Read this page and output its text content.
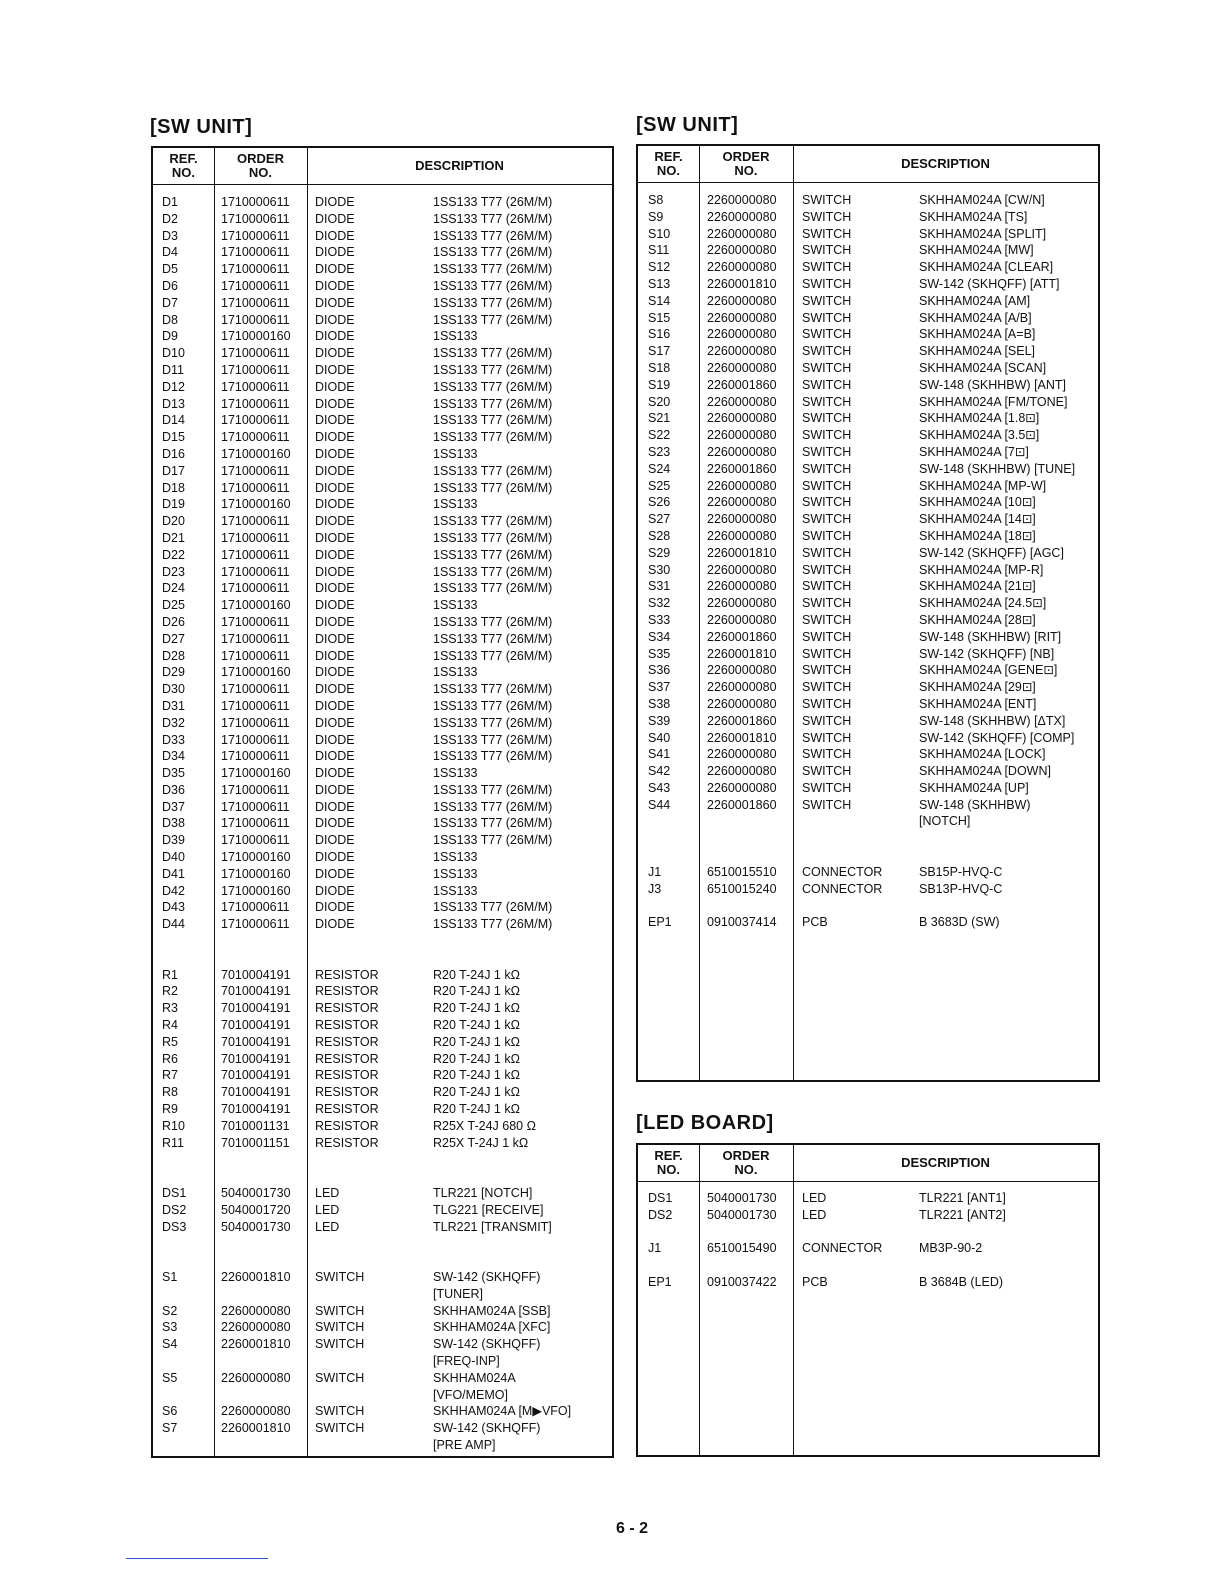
[SW UNIT]
REF.
NO.
ORDER
NO.	DESCRIPTION
D1	1710000611 DIODE	1SS133 T77 (26M/M)
D2	1710000611 DIODE	1SS133 T77 (26M/M)
D3	1710000611 DIODE	1SS133 T77 (26M/M)
D4	1710000611 DIODE	1SS133 T77 (26M/M)
D5	1710000611 DIODE	1SS133 T77 (26M/M)
D6	1710000611 DIODE	1SS133 T77 (26M/M)
D7	1710000611 DIODE	1SS133 T77 (26M/M)
D8	1710000611 DIODE	1SS133 T77 (26M/M)
D9	1710000160 DIODE	1SS133
D10	1710000611 DIODE	1SS133 T77 (26M/M)
D11	1710000611 DIODE	1SS133 T77 (26M/M)
D12	1710000611 DIODE	1SS133 T77 (26M/M)
D13	1710000611 DIODE	1SS133 T77 (26M/M)
D14	1710000611 DIODE	1SS133 T77 (26M/M)
D15	1710000611 DIODE	1SS133 T77 (26M/M)
D16	1710000160 DIODE	1SS133
D17	1710000611 DIODE	1SS133 T77 (26M/M)
D18	1710000611 DIODE	1SS133 T77 (26M/M)
D19	1710000160 DIODE	1SS133
D20	1710000611 DIODE	1SS133 T77 (26M/M)
D21	1710000611 DIODE	1SS133 T77 (26M/M)
D22	1710000611 DIODE	1SS133 T77 (26M/M)
D23	1710000611 DIODE	1SS133 T77 (26M/M)
D24	1710000611 DIODE	1SS133 T77 (26M/M)
D25	1710000160 DIODE	1SS133
D26	1710000611 DIODE	1SS133 T77 (26M/M)
D27	1710000611 DIODE	1SS133 T77 (26M/M)
D28	1710000611 DIODE	1SS133 T77 (26M/M)
D29	1710000160 DIODE	1SS133
D30	1710000611 DIODE	1SS133 T77 (26M/M)
D31	1710000611 DIODE	1SS133 T77 (26M/M)
D32	1710000611 DIODE	1SS133 T77 (26M/M)
D33	1710000611 DIODE	1SS133 T77 (26M/M)
D34	1710000611 DIODE	1SS133 T77 (26M/M)
D35	1710000160 DIODE	1SS133
D36	1710000611 DIODE	1SS133 T77 (26M/M)
D37	1710000611 DIODE	1SS133 T77 (26M/M)
D38	1710000611 DIODE	1SS133 T77 (26M/M)
D39	1710000611 DIODE	1SS133 T77 (26M/M)
D40	1710000160 DIODE	1SS133
D41	1710000160 DIODE	1SS133
D42	1710000160 DIODE	1SS133
D43	1710000611 DIODE	1SS133 T77 (26M/M)
D44	1710000611 DIODE	1SS133 T77 (26M/M)
R1	7010004191 RESISTOR	R20 T-24J 1 kΩ
R2	7010004191 RESISTOR	R20 T-24J 1 kΩ
R3	7010004191 RESISTOR	R20 T-24J 1 kΩ
R4	7010004191 RESISTOR	R20 T-24J 1 kΩ
R5	7010004191 RESISTOR	R20 T-24J 1 kΩ
R6	7010004191 RESISTOR	R20 T-24J 1 kΩ
R7	7010004191 RESISTOR	R20 T-24J 1 kΩ
R8	7010004191 RESISTOR	R20 T-24J 1 kΩ
R9	7010004191 RESISTOR	R20 T-24J 1 kΩ
R10	7010001131 RESISTOR	R25X T-24J 680 Ω
R11	7010001151 RESISTOR	R25X T-24J 1 kΩ
DS1	5040001730 LED	TLR221 [NOTCH]
DS2	5040001720 LED	TLG221 [RECEIVE]
DS3	5040001730 LED	TLR221 [TRANSMIT]
S1	2260001810 SWITCH	SW-142 (SKHQFF)
[TUNER]
S2	2260000080 SWITCH	SKHHAM024A [SSB]
S3	2260000080 SWITCH	SKHHAM024A [XFC]
S4	2260001810 SWITCH	SW-142 (SKHQFF)
[FREQ-INP]
S5	2260000080 SWITCH	SKHHAM024A
[VFO/MEMO]
S6	2260000080 SWITCH	SKHHAM024A [M▶VFO]
S7	2260001810 SWITCH	SW-142 (SKHQFF)
[PRE AMP]
[SW UNIT]
REF.
NO.
ORDER
NO.	DESCRIPTION
S8	2260000080 SWITCH	SKHHAM024A [CW/N]
S9	2260000080 SWITCH	SKHHAM024A [TS]
S10	2260000080 SWITCH	SKHHAM024A [SPLIT]
S11	2260000080 SWITCH	SKHHAM024A [MW]
S12	2260000080 SWITCH	SKHHAM024A [CLEAR]
S13	2260001810 SWITCH	SW-142 (SKHQFF) [ATT]
S14	2260000080 SWITCH	SKHHAM024A [AM]
S15	2260000080 SWITCH	SKHHAM024A [A/B]
S16	2260000080 SWITCH	SKHHAM024A [A=B]
S17	2260000080 SWITCH	SKHHAM024A [SEL]
S18	2260000080 SWITCH	SKHHAM024A [SCAN]
S19	2260001860 SWITCH	SW-148 (SKHHBW) [ANT]
S20	2260000080 SWITCH	SKHHAM024A [FM/TONE]
S21	2260000080 SWITCH	SKHHAM024A [1.8⊡]
S22	2260000080 SWITCH	SKHHAM024A [3.5⊡]
S23	2260000080 SWITCH	SKHHAM024A [7⊡]
S24	2260001860 SWITCH	SW-148 (SKHHBW) [TUNE]
S25	2260000080 SWITCH	SKHHAM024A [MP-W]
S26	2260000080 SWITCH	SKHHAM024A [10⊡]
S27	2260000080 SWITCH	SKHHAM024A [14⊡]
S28	2260000080 SWITCH	SKHHAM024A [18⊡]
S29	2260001810 SWITCH	SW-142 (SKHQFF) [AGC]
S30	2260000080 SWITCH	SKHHAM024A [MP-R]
S31	2260000080 SWITCH	SKHHAM024A [21⊡]
S32	2260000080 SWITCH	SKHHAM024A [24.5⊡]
S33	2260000080 SWITCH	SKHHAM024A [28⊡]
S34	2260001860 SWITCH	SW-148 (SKHHBW) [RIT]
S35	2260001810 SWITCH	SW-142 (SKHQFF) [NB]
S36	2260000080 SWITCH	SKHHAM024A [GENE⊡]
S37	2260000080 SWITCH	SKHHAM024A [29⊡]
S38	2260000080 SWITCH	SKHHAM024A [ENT]
S39	2260001860 SWITCH	SW-148 (SKHHBW) [ΔTX]
S40	2260001810 SWITCH	SW-142 (SKHQFF) [COMP]
S41	2260000080 SWITCH	SKHHAM024A [LOCK]
S42	2260000080 SWITCH	SKHHAM024A [DOWN]
S43	2260000080 SWITCH	SKHHAM024A [UP]
S44	2260001860 SWITCH	SW-148 (SKHHBW)
[NOTCH]
J1	6510015510 CONNECTOR	SB15P-HVQ-C
J3	6510015240 CONNECTOR	SB13P-HVQ-C
EP1	0910037414 PCB	B 3683D (SW)
[LED BOARD]
REF.
NO.
ORDER
NO.	DESCRIPTION
DS1	5040001730 LED	TLR221 [ANT1]
DS2	5040001730 LED	TLR221 [ANT2]
J1	6510015490 CONNECTOR	MB3P-90-2
EP1	0910037422 PCB	B 3684B (LED)
6 - 2
